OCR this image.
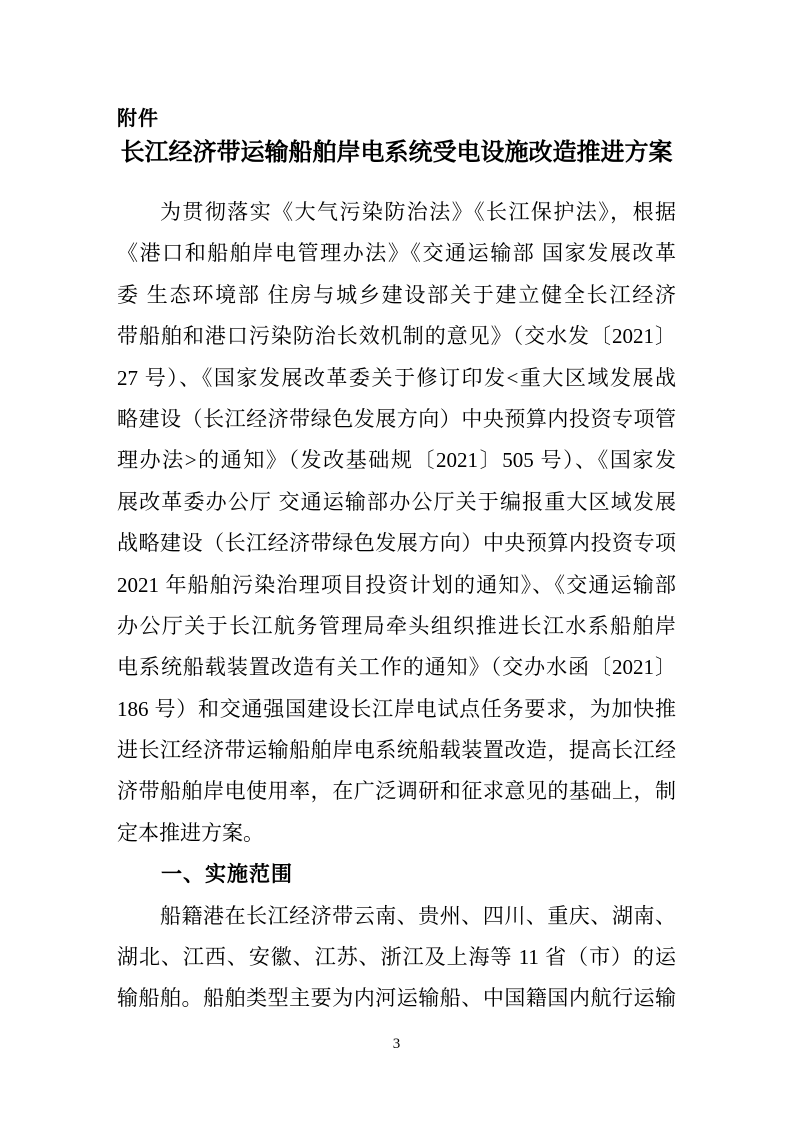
附件
长江经济带运输船舶岸电系统受电设施改造推进方案
为贯彻落实《大气污染防治法》《长江保护法》，根据
《港口和船舶岸电管理办法》《交通运输部 国家发展改革
委 生态环境部 住房与城乡建设部关于建立健全长江经济
带船舶和港口污染防治长效机制的意见》（交水发〔2021〕
27 号）、《国家发展改革委关于修订印发<重大区域发展战
略建设（长江经济带绿色发展方向）中央预算内投资专项管
理办法>的通知》（发改基础规〔2021〕505 号）、《国家发
展改革委办公厅 交通运输部办公厅关于编报重大区域发展
战略建设（长江经济带绿色发展方向）中央预算内投资专项
2021 年船舶污染治理项目投资计划的通知》、《交通运输部
办公厅关于长江航务管理局牵头组织推进长江水系船舶岸
电系统船载装置改造有关工作的通知》（交办水函〔2021〕
186 号）和交通强国建设长江岸电试点任务要求，为加快推
进长江经济带运输船舶岸电系统船载装置改造，提高长江经
济带船舶岸电使用率，在广泛调研和征求意见的基础上，制
定本推进方案。
一、实施范围
船籍港在长江经济带云南、贵州、四川、重庆、湖南、
湖北、江西、安徽、江苏、浙江及上海等 11 省（市）的运
输船舶。船舶类型主要为内河运输船、中国籍国内航行运输
3
